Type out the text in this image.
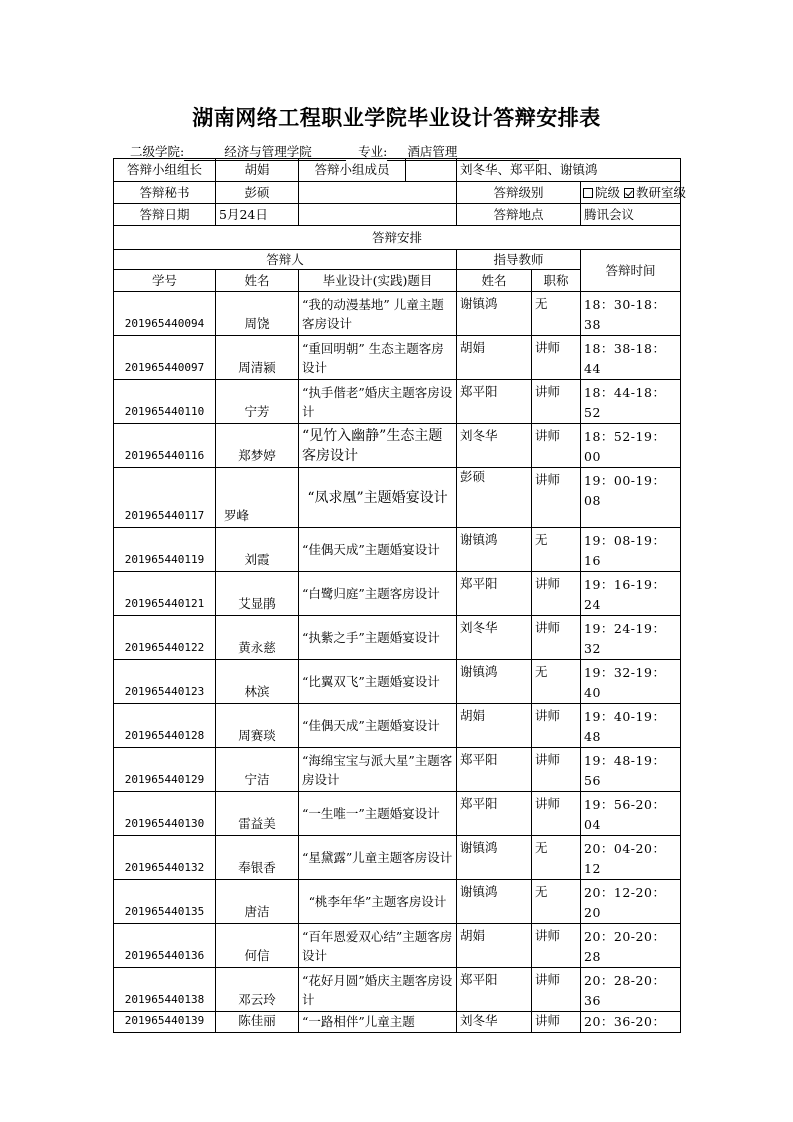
湖南网络工程职业学院毕业设计答辩安排表
二级学院:	经济与管理学院	专业: 酒店管理
答辩小组组长	胡娟	答辩小组成员	刘冬华、郑平阳、谢镇鸿		
答辩秘书	彭硕		答辩级别		院级 教研室级
答辩日期	5月24日		答辩地点		腾讯会议
答辩安排					
答辩人			指导教师		答辩时间
学号	姓名	毕业设计(实践)题目	姓名	职称	
201965440094	周饶	“我的动漫基地” 儿童主题客房设计	谢镇鸿	无	18：30-18：38
201965440097	周清颍	“重回明朝” 生态主题客房设计	胡娟	讲师	18：38-18：44
201965440110	宁芳	“执手偕老”婚庆主题客房设计	郑平阳	讲师	18：44-18：52
201965440116	郑梦婷	“见竹入幽静”生态主题客房设计	刘冬华	讲师	18：52-19：00
201965440117	罗峰	“凤求凰”主题婚宴设计	彭硕	讲师	19：00-19：08
201965440119	刘霞	“佳偶天成”主题婚宴设计	谢镇鸿	无	19：08-19：16
201965440121	艾显鹃	“白鹭归庭”主题客房设计	郑平阳	讲师	19：16-19：24
201965440122	黄永慈	“执紫之手”主题婚宴设计	刘冬华	讲师	19：24-19：32
201965440123	林滨	“比翼双飞”主题婚宴设计	谢镇鸿	无	19：32-19：40
201965440128	周赛琰	“佳偶天成”主题婚宴设计	胡娟	讲师	19：40-19：48
201965440129	宁洁	“海绵宝宝与派大星”主题客房设计	郑平阳	讲师	19：48-19：56
201965440130	雷益美	“一生唯一”主题婚宴设计	郑平阳	讲师	19：56-20：04
201965440132	奉银香	“星黛露”儿童主题客房设计	谢镇鸿	无	20：04-20：12
201965440135	唐洁	“桃李年华”主题客房设计	谢镇鸿	无	20：12-20：20
201965440136	何信	“百年恩爱双心结”主题客房设计	胡娟	讲师	20：20-20：28
201965440138	邓云玲	“花好月圆”婚庆主题客房设计	郑平阳	讲师	20：28-20：36
201965440139	陈佳丽	“一路相伴”儿童主题	刘冬华	讲师	20：36-20：
